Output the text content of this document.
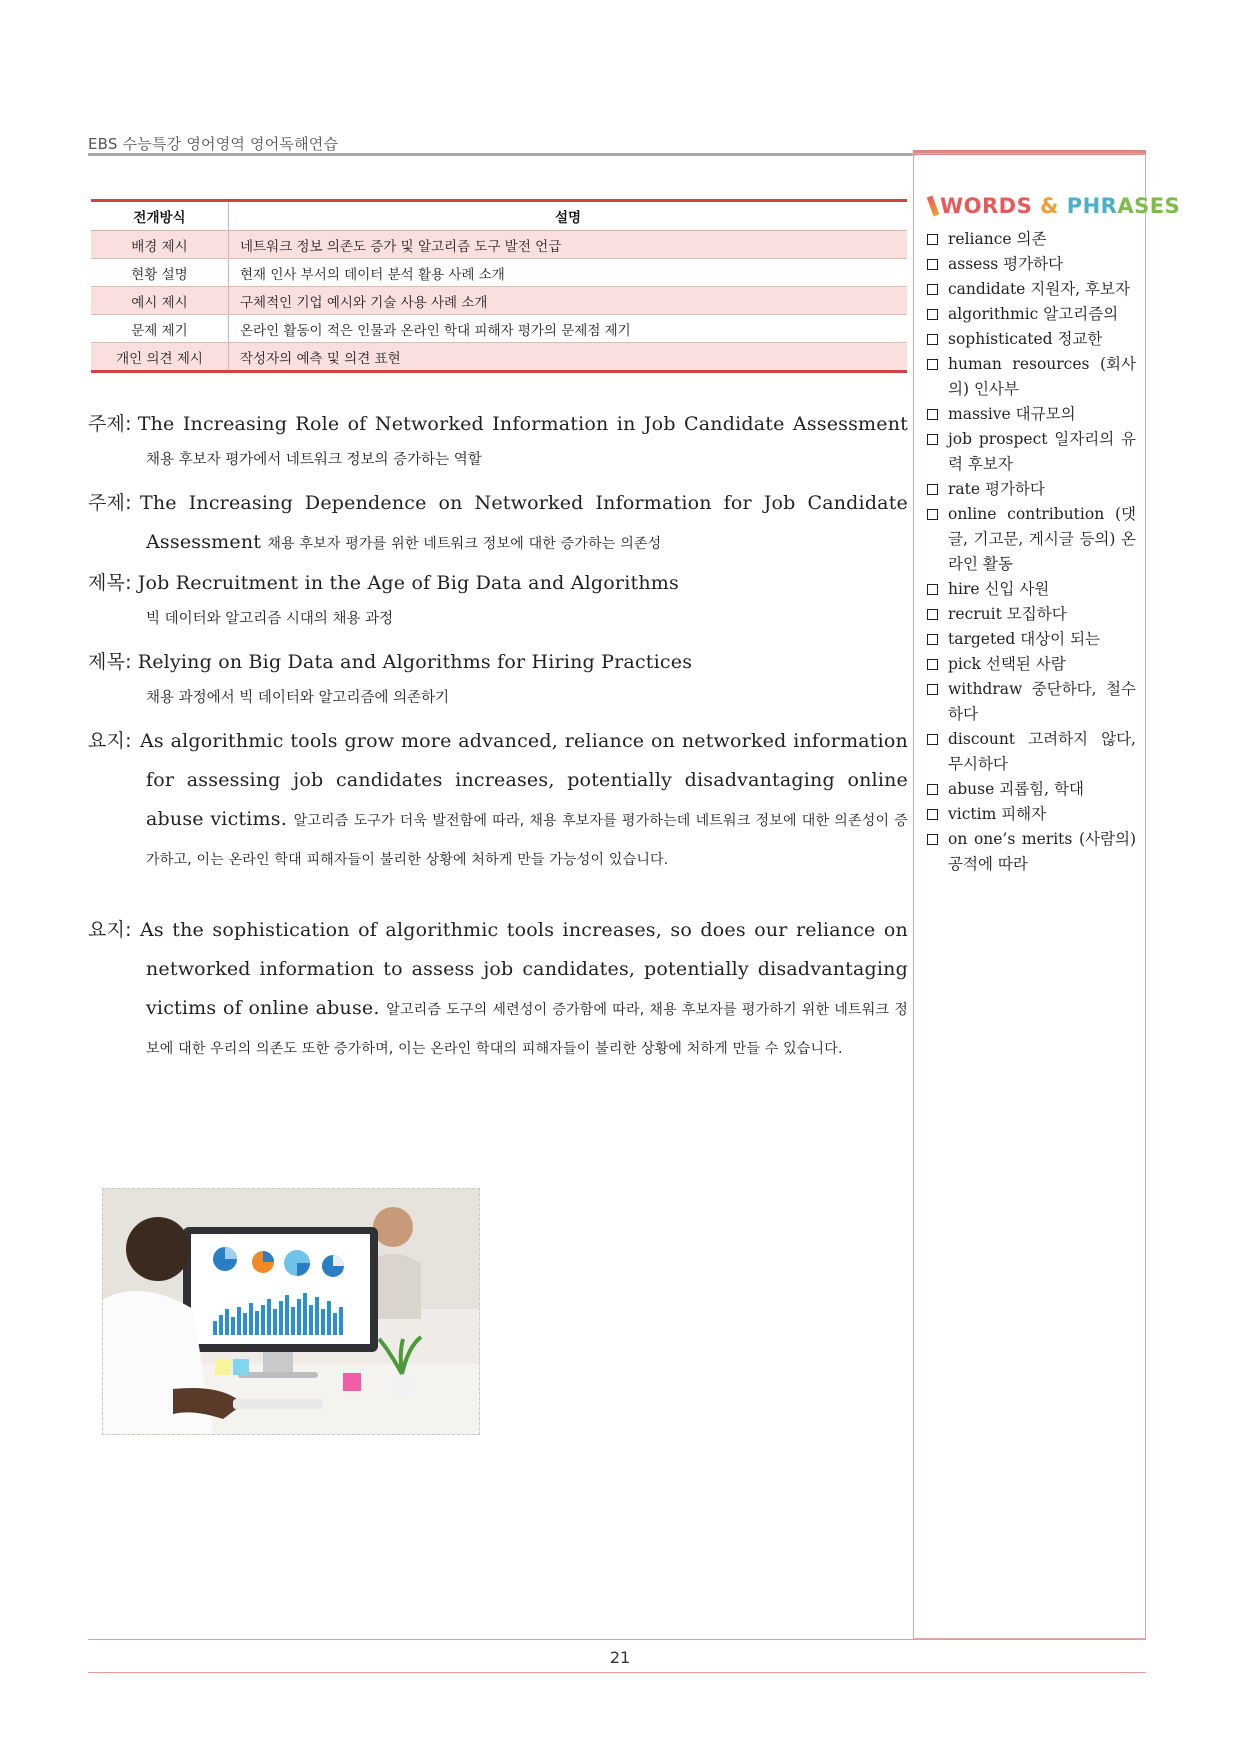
EBS 수능특강 영어영역 영어독해연습
WORDS & PHRASES
reliance 의존
assess 평가하다
candidate 지원자, 후보자
algorithmic 알고리즘의
sophisticated 정교한
human resources (회사의) 인사부
massive 대규모의
job prospect 일자리의 유력 후보자
rate 평가하다
online contribution (댓글, 기고문, 게시글 등의) 온라인 활동
hire 신입 사원
recruit 모집하다
targeted 대상이 되는
pick 선택된 사람
withdraw 중단하다, 철수하다
discount 고려하지 않다, 무시하다
abuse 괴롭힘, 학대
victim 피해자
on one’s merits (사람의) 공적에 따라
전개방식	설명
배경 제시	네트워크 정보 의존도 증가 및 알고리즘 도구 발전 언급
현황 설명	현재 인사 부서의 데이터 분석 활용 사례 소개
예시 제시	구체적인 기업 예시와 기술 사용 사례 소개
문제 제기	온라인 활동이 적은 인물과 온라인 학대 피해자 평가의 문제점 제기
개인 의견 제시	작성자의 예측 및 의견 표현
주제: The Increasing Role of Networked Information in Job Candidate Assessment
채용 후보자 평가에서 네트워크 정보의 증가하는 역할
주제: The Increasing Dependence on Networked Information for Job Candidate Assessment 채용 후보자 평가를 위한 네트워크 정보에 대한 증가하는 의존성
제목: Job Recruitment in the Age of Big Data and Algorithms
빅 데이터와 알고리즘 시대의 채용 과정
제목: Relying on Big Data and Algorithms for Hiring Practices
채용 과정에서 빅 데이터와 알고리즘에 의존하기
요지: As algorithmic tools grow more advanced, reliance on networked information for assessing job candidates increases, potentially disadvantaging online abuse victims. 알고리즘 도구가 더욱 발전함에 따라, 채용 후보자를 평가하는데 네트워크 정보에 대한 의존성이 증가하고, 이는 온라인 학대 피해자들이 불리한 상황에 처하게 만들 가능성이 있습니다.
요지: As the sophistication of algorithmic tools increases, so does our reliance on networked information to assess job candidates, potentially disadvantaging victims of online abuse. 알고리즘 도구의 세련성이 증가함에 따라, 채용 후보자를 평가하기 위한 네트워크 정보에 대한 우리의 의존도 또한 증가하며, 이는 온라인 학대의 피해자들이 불리한 상황에 처하게 만들 수 있습니다.
21
